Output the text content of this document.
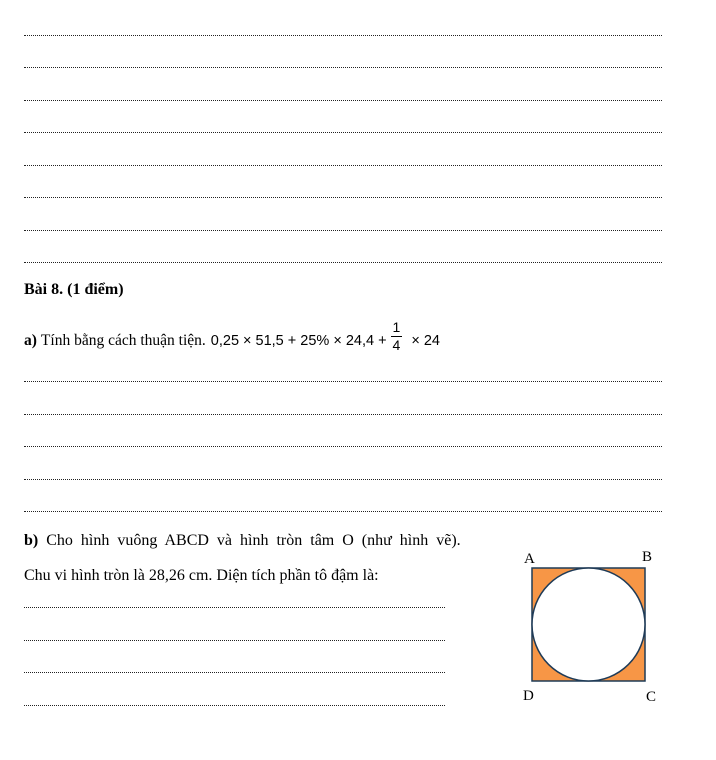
Bài 8. (1 điểm)
a) Tính bằng cách thuận tiện. $0,25 \times 51,5 + 25\% \times 24,4 + \frac{1}{4} \times 24$
b) Cho hình vuông ABCD và hình tròn tâm O (như hình vẽ).
Chu vi hình tròn là 28,26 cm. Diện tích phần tô đậm là:
A	B
C
D
